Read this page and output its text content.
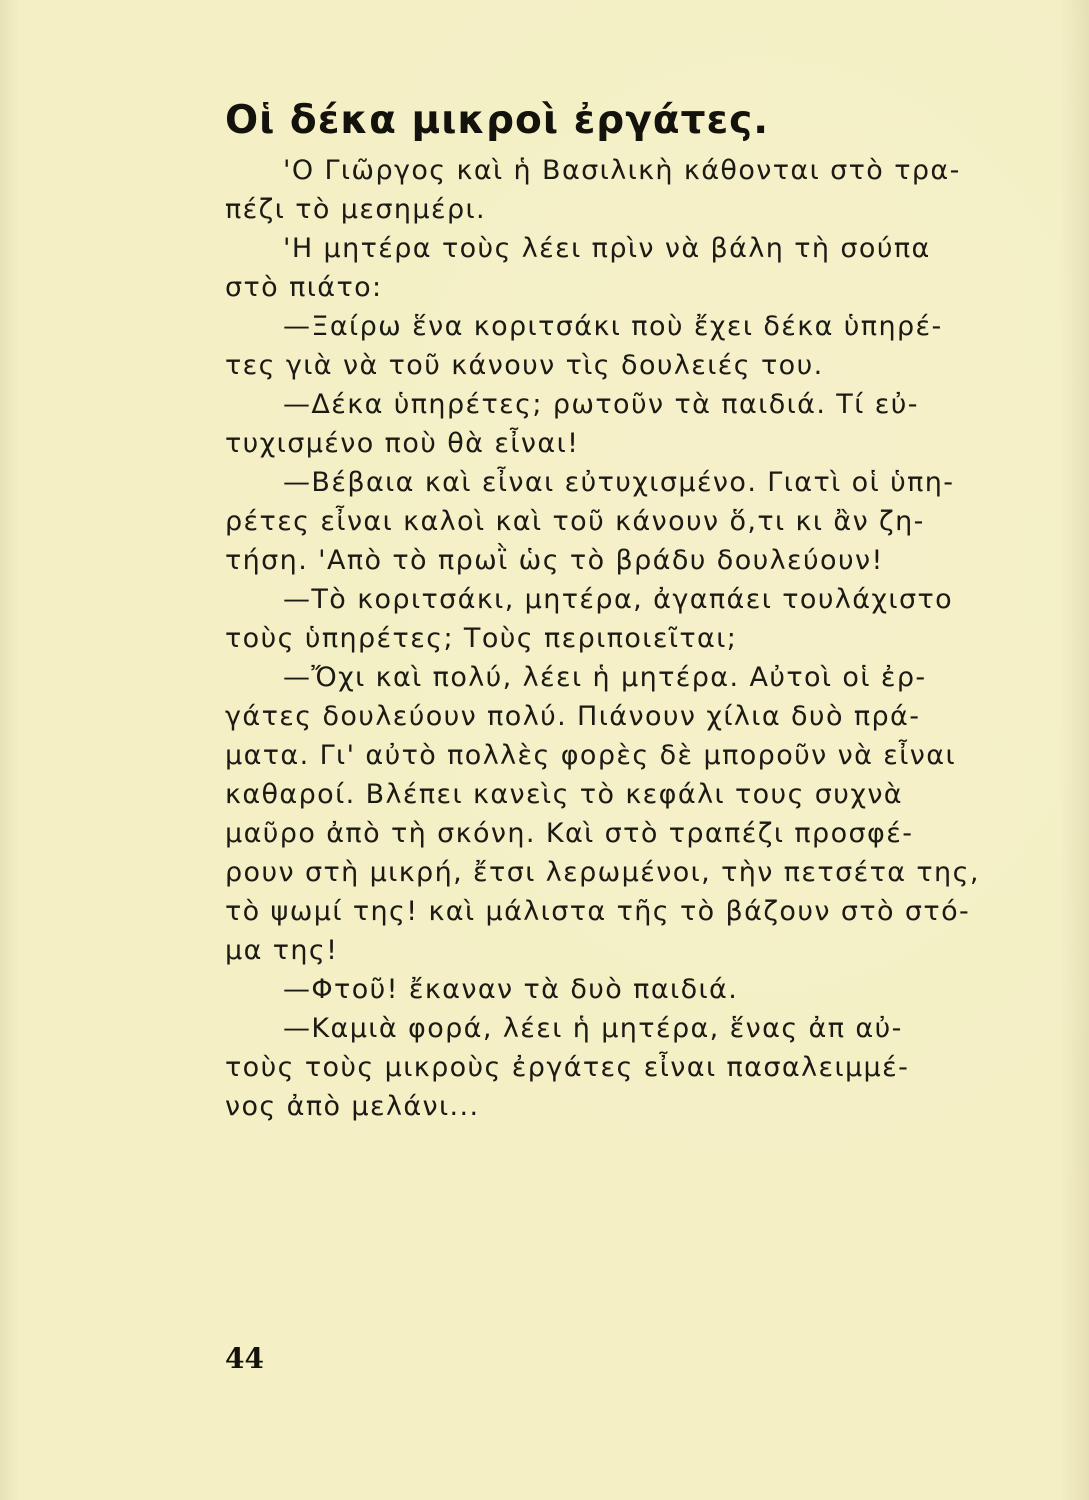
Οἱ δέκα μικροὶ ἐργάτες.
'Ο Γιῶργος καὶ ἡ Βασιλικὴ κάθονται στὸ τρα-
πέζι τὸ μεσημέρι.
'Η μητέρα τοὺς λέει πρὶν νὰ βάλη τὴ σούπα
στὸ πιάτο:
—Ξαίρω ἕνα κοριτσάκι ποὺ ἔχει δέκα ὑπηρέ-
τες γιὰ νὰ τοῦ κάνουν τὶς δουλειές του.
—Δέκα ὑπηρέτες; ρωτοῦν τὰ παιδιά. Τί εὐ-
τυχισμένο ποὺ θὰ εἶναι!
—Βέβαια καὶ εἶναι εὐτυχισμένο. Γιατὶ οἱ ὑπη-
ρέτες εἶναι καλοὶ καὶ τοῦ κάνουν ὅ,τι κι ἂν ζη-
τήση. 'Απὸ τὸ πρωῒ ὡς τὸ βράδυ δουλεύουν!
—Τὸ κοριτσάκι, μητέρα, ἀγαπάει τουλάχιστο
τοὺς ὑπηρέτες; Τοὺς περιποιεῖται;
—Ὄχι καὶ πολύ, λέει ἡ μητέρα. Αὐτοὶ οἱ ἐρ-
γάτες δουλεύουν πολύ. Πιάνουν χίλια δυὸ πρά-
ματα. Γι' αὐτὸ πολλὲς φορὲς δὲ μποροῦν νὰ εἶναι
καθαροί. Βλέπει κανεὶς τὸ κεφάλι τους συχνὰ
μαῦρο ἀπὸ τὴ σκόνη. Καὶ στὸ τραπέζι προσφέ-
ρουν στὴ μικρή, ἔτσι λερωμένοι, τὴν πετσέτα της,
τὸ ψωμί της! καὶ μάλιστα τῆς τὸ βάζουν στὸ στό-
μα της!
—Φτοῦ! ἔκαναν τὰ δυὸ παιδιά.
—Καμιὰ φορά, λέει ἡ μητέρα, ἕνας ἀπ αὐ-
τοὺς τοὺς μικροὺς ἐργάτες εἶναι πασαλειμμέ-
νος ἀπὸ μελάνι...
44
